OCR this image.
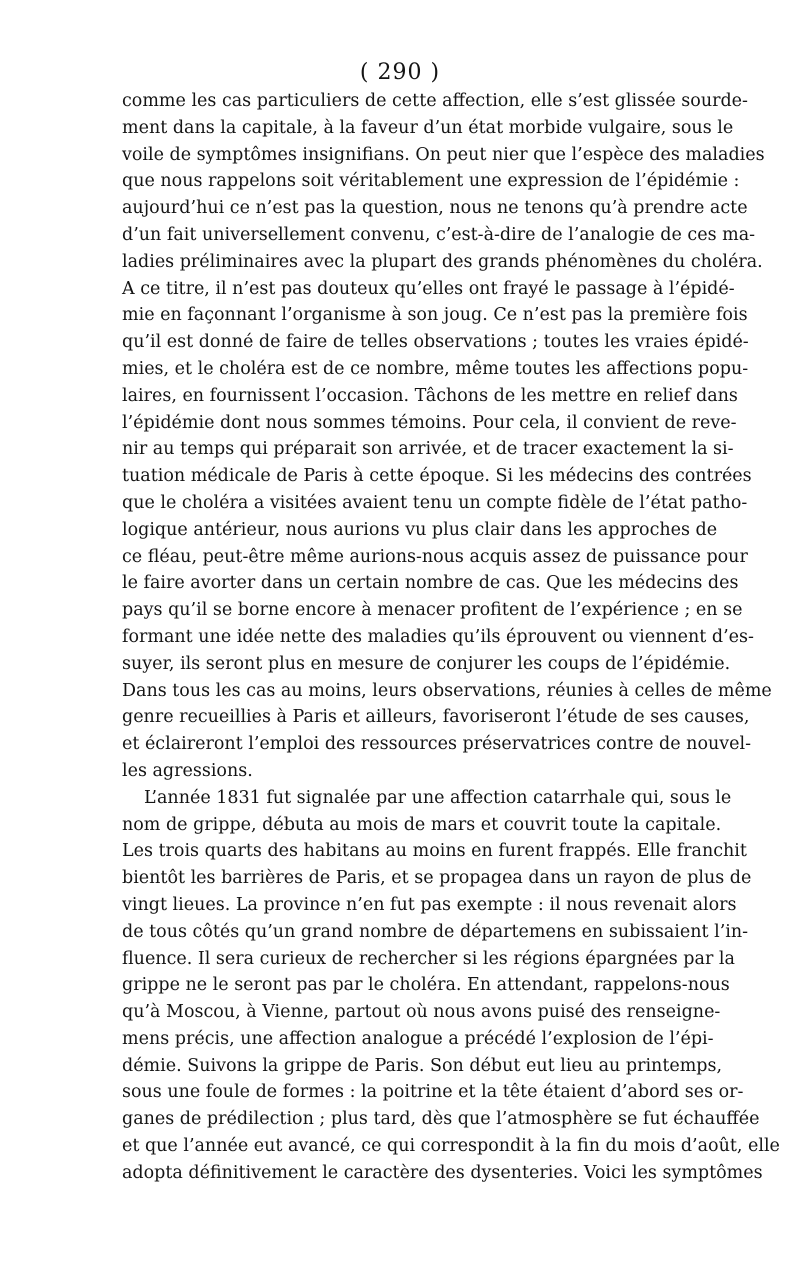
( 290 )
comme les cas particuliers de cette affection, elle s’est glissée sourde-
ment dans la capitale, à la faveur d’un état morbide vulgaire, sous le
voile de symptômes insignifians. On peut nier que l’espèce des maladies
que nous rappelons soit véritablement une expression de l’épidémie :
aujourd’hui ce n’est pas la question, nous ne tenons qu’à prendre acte
d’un fait universellement convenu, c’est-à-dire de l’analogie de ces ma-
ladies préliminaires avec la plupart des grands phénomènes du choléra.
A ce titre, il n’est pas douteux qu’elles ont frayé le passage à l’épidé-
mie en façonnant l’organisme à son joug. Ce n’est pas la première fois
qu’il est donné de faire de telles observations ; toutes les vraies épidé-
mies, et le choléra est de ce nombre, même toutes les affections popu-
laires, en fournissent l’occasion. Tâchons de les mettre en relief dans
l’épidémie dont nous sommes témoins. Pour cela, il convient de reve-
nir au temps qui préparait son arrivée, et de tracer exactement la si-
tuation médicale de Paris à cette époque. Si les médecins des contrées
que le choléra a visitées avaient tenu un compte fidèle de l’état patho-
logique antérieur, nous aurions vu plus clair dans les approches de
ce fléau, peut-être même aurions-nous acquis assez de puissance pour
le faire avorter dans un certain nombre de cas. Que les médecins des
pays qu’il se borne encore à menacer profitent de l’expérience ; en se
formant une idée nette des maladies qu’ils éprouvent ou viennent d’es-
suyer, ils seront plus en mesure de conjurer les coups de l’épidémie.
Dans tous les cas au moins, leurs observations, réunies à celles de même
genre recueillies à Paris et ailleurs, favoriseront l’étude de ses causes,
et éclaireront l’emploi des ressources préservatrices contre de nouvel-
les agressions.
L’année 1831 fut signalée par une affection catarrhale qui, sous le
nom de grippe, débuta au mois de mars et couvrit toute la capitale.
Les trois quarts des habitans au moins en furent frappés. Elle franchit
bientôt les barrières de Paris, et se propagea dans un rayon de plus de
vingt lieues. La province n’en fut pas exempte : il nous revenait alors
de tous côtés qu’un grand nombre de départemens en subissaient l’in-
fluence. Il sera curieux de rechercher si les régions épargnées par la
grippe ne le seront pas par le choléra. En attendant, rappelons-nous
qu’à Moscou, à Vienne, partout où nous avons puisé des renseigne-
mens précis, une affection analogue a précédé l’explosion de l’épi-
démie. Suivons la grippe de Paris. Son début eut lieu au printemps,
sous une foule de formes : la poitrine et la tête étaient d’abord ses or-
ganes de prédilection ; plus tard, dès que l’atmosphère se fut échauffée
et que l’année eut avancé, ce qui correspondit à la fin du mois d’août, elle
adopta définitivement le caractère des dysenteries. Voici les symptômes
